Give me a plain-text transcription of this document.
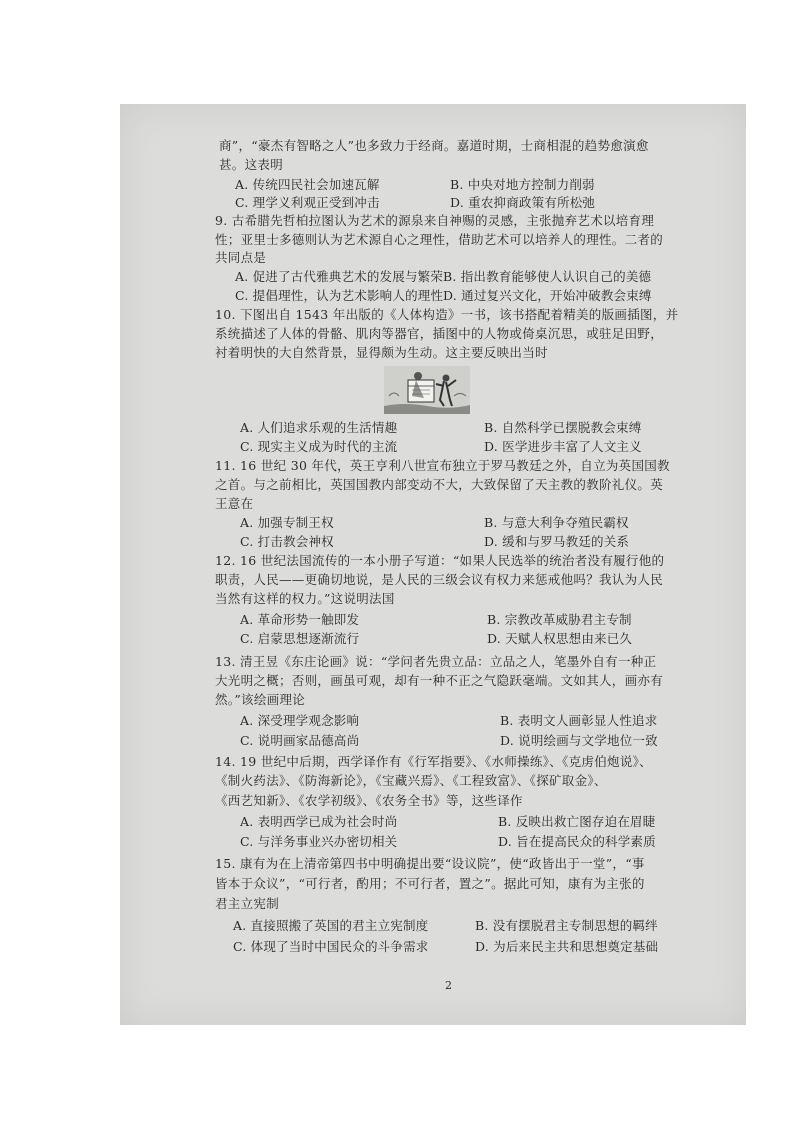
商”，“豪杰有智略之人”也多致力于经商。嘉道时期，士商相混的趋势愈演愈
甚。这表明
A. 传统四民社会加速瓦解	B. 中央对地方控制力削弱
C. 理学义利观正受到冲击	D. 重农抑商政策有所松弛
9. 古希腊先哲柏拉图认为艺术的源泉来自神赐的灵感，主张抛弃艺术以培育理
性；亚里士多德则认为艺术源自心之理性，借助艺术可以培养人的理性。二者的
共同点是
A. 促进了古代雅典艺术的发展与繁荣 B. 指出教育能够使人认识自己的美德
C. 提倡理性，认为艺术影响人的理性 D. 通过复兴文化，开始冲破教会束缚
10. 下图出自 1543 年出版的《人体构造》一书，该书搭配着精美的版画插图，并
系统描述了人体的骨骼、肌肉等器官，插图中的人物或倚桌沉思，或驻足田野，
衬着明快的大自然背景，显得颇为生动。这主要反映出当时
A. 人们追求乐观的生活情趣	B. 自然科学已摆脱教会束缚
C. 现实主义成为时代的主流	D. 医学进步丰富了人文主义
11. 16 世纪 30 年代，英王亨利八世宣布独立于罗马教廷之外，自立为英国国教
之首。与之前相比，英国国教内部变动不大，大致保留了天主教的教阶礼仪。英
王意在
A. 加强专制王权	B. 与意大利争夺殖民霸权
C. 打击教会神权	D. 缓和与罗马教廷的关系
12. 16 世纪法国流传的一本小册子写道：“如果人民选举的统治者没有履行他的
职责，人民——更确切地说，是人民的三级会议有权力来惩戒他吗？我认为人民
当然有这样的权力。”这说明法国
A. 革命形势一触即发	B. 宗教改革威胁君主专制
C. 启蒙思想逐渐流行	D. 天赋人权思想由来已久
13. 清王昱《东庄论画》说：“学问者先贵立品：立品之人，笔墨外自有一种正
大光明之概；否则，画虽可观，却有一种不正之气隐跃毫端。文如其人，画亦有
然。”该绘画理论
A. 深受理学观念影响	B. 表明文人画彰显人性追求
C. 说明画家品德高尚	D. 说明绘画与文学地位一致
14. 19 世纪中后期，西学译作有《行军指要》、《水师操练》、《克虏伯炮说》、
《制火药法》、《防海新论》，《宝藏兴焉》、《工程致富》、《探矿取金》、
《西艺知新》、《农学初级》、《农务全书》等，这些译作
A. 表明西学已成为社会时尚	B. 反映出救亡图存迫在眉睫
C. 与洋务事业兴办密切相关	D. 旨在提高民众的科学素质
15. 康有为在上清帝第四书中明确提出要“设议院”，使“政皆出于一堂”，“事
皆本于众议”，“可行者，酌用；不可行者，置之”。据此可知，康有为主张的
君主立宪制
A. 直接照搬了英国的君主立宪制度	B. 没有摆脱君主专制思想的羁绊
C. 体现了当时中国民众的斗争需求	D. 为后来民主共和思想奠定基础
2
